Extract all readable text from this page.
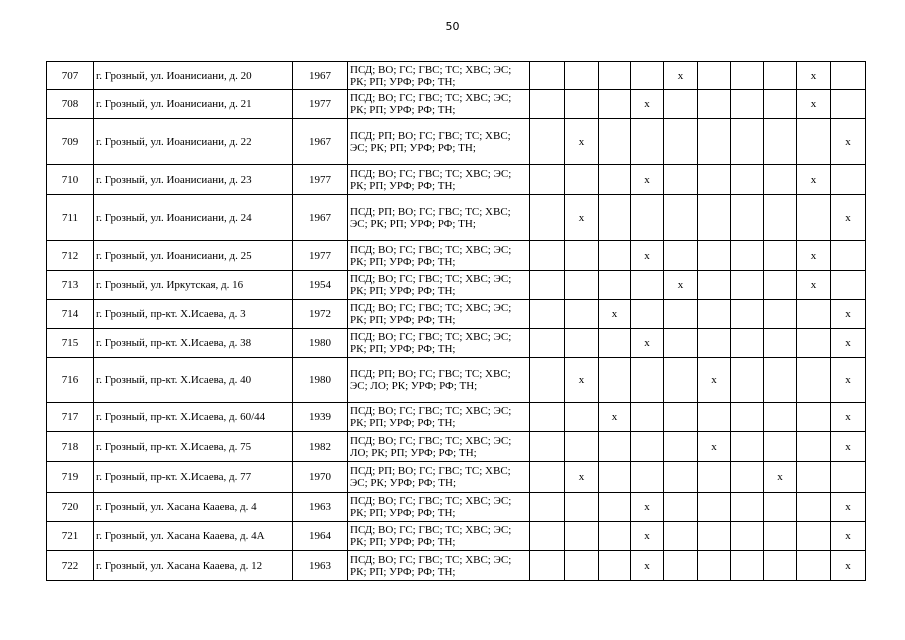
50
707	г. Грозный, ул. Иоанисиани, д. 20	1967	ПСД; ВО; ГС; ГВС; ТС; ХВС; ЭС; РК; РП; УРФ; РФ; ТН;					x				x	
708	г. Грозный, ул. Иоанисиани, д. 21	1977	ПСД; ВО; ГС; ГВС; ТС; ХВС; ЭС; РК; РП; УРФ; РФ; ТН;				x					x	
709	г. Грозный, ул. Иоанисиани, д. 22	1967	ПСД; РП; ВО; ГС; ГВС; ТС; ХВС; ЭС; РК; РП; УРФ; РФ; ТН;		x								x
710	г. Грозный, ул. Иоанисиани, д. 23	1977	ПСД; ВО; ГС; ГВС; ТС; ХВС; ЭС; РК; РП; УРФ; РФ; ТН;				x					x	
711	г. Грозный, ул. Иоанисиани, д. 24	1967	ПСД; РП; ВО; ГС; ГВС; ТС; ХВС; ЭС; РК; РП; УРФ; РФ; ТН;		x								x
712	г. Грозный, ул. Иоанисиани, д. 25	1977	ПСД; ВО; ГС; ГВС; ТС; ХВС; ЭС; РК; РП; УРФ; РФ; ТН;				x					x	
713	г. Грозный, ул. Иркутская, д. 16	1954	ПСД; ВО; ГС; ГВС; ТС; ХВС; ЭС; РК; РП; УРФ; РФ; ТН;					x				x	
714	г. Грозный, пр-кт. Х.Исаева, д. 3	1972	ПСД; ВО; ГС; ГВС; ТС; ХВС; ЭС; РК; РП; УРФ; РФ; ТН;			x							x
715	г. Грозный, пр-кт. Х.Исаева, д. 38	1980	ПСД; ВО; ГС; ГВС; ТС; ХВС; ЭС; РК; РП; УРФ; РФ; ТН;				x						x
716	г. Грозный, пр-кт. Х.Исаева, д. 40	1980	ПСД; РП; ВО; ГС; ГВС; ТС; ХВС; ЭС; ЛО; РК; УРФ; РФ; ТН;		x				x				x
717	г. Грозный, пр-кт. Х.Исаева, д. 60/44	1939	ПСД; ВО; ГС; ГВС; ТС; ХВС; ЭС; РК; РП; УРФ; РФ; ТН;			x							x
718	г. Грозный, пр-кт. Х.Исаева, д. 75	1982	ПСД; ВО; ГС; ГВС; ТС; ХВС; ЭС; ЛО; РК; РП; УРФ; РФ; ТН;						x				x
719	г. Грозный, пр-кт. Х.Исаева, д. 77	1970	ПСД; РП; ВО; ГС; ГВС; ТС; ХВС; ЭС; РК; УРФ; РФ; ТН;		x						x		
720	г. Грозный, ул. Хасана Кааева, д. 4	1963	ПСД; ВО; ГС; ГВС; ТС; ХВС; ЭС; РК; РП; УРФ; РФ; ТН;				x						x
721	г. Грозный, ул. Хасана Кааева, д. 4А	1964	ПСД; ВО; ГС; ГВС; ТС; ХВС; ЭС; РК; РП; УРФ; РФ; ТН;				x						x
722	г. Грозный, ул. Хасана Кааева, д. 12	1963	ПСД; ВО; ГС; ГВС; ТС; ХВС; ЭС; РК; РП; УРФ; РФ; ТН;				x						x
